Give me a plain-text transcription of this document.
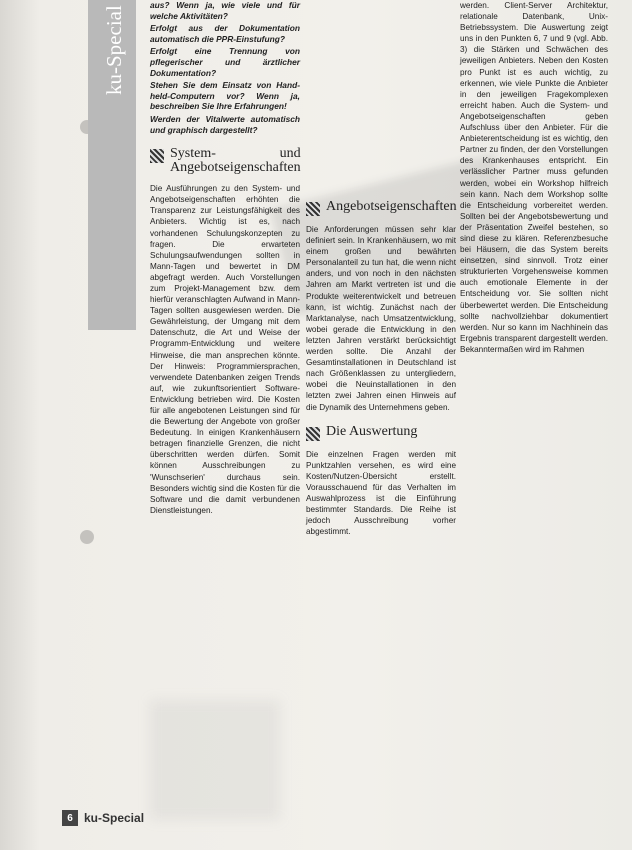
ku-Special

aus? Wenn ja, wie viele und für welche Aktivitäten?

Erfolgt aus der Dokumentation automatisch die PPR-Einstufung?

Erfolgt eine Trennung von pflegerischer und ärztlicher Dokumentation?

Stehen Sie dem Einsatz von Hand-held-Computern vor? Wenn ja, beschreiben Sie Ihre Erfahrungen!

Werden der Vitalwerte automatisch und graphisch dargestellt?

System- und Angebotseigenschaften

Die Ausführungen zu den System- und Angebotseigenschaften erhöhten die Transparenz zur Leistungsfähigkeit des Anbieters. Wichtig ist es, nach vorhandenen Schulungskonzepten zu fragen. Die erwarteten Schulungsaufwendungen sollten in Mann-Tagen und bewertet in DM abgefragt werden. Auch Vorstellungen zum Projekt-Management bzw. dem hierfür veranschlagten Aufwand in Mann-Tagen sollten ausgewiesen werden. Die Gewährleistung, der Umgang mit dem Datenschutz, die Art und Weise der Programm-Entwicklung und weitere Hinweise, die man ansprechen könnte. Der Hinweis: Programmiersprachen, verwendete Datenbanken zeigen Trends auf, wie zukunftsorientiert Software-Entwicklung betrieben wird. Die Kosten für alle angebotenen Leistungen sind für die Bewertung der Angebote von großer Bedeutung. In einigen Krankenhäusern betragen finanzielle Grenzen, die nicht überschritten werden dürfen. Somit können Ausschreibungen zu 'Wunschserien' durchaus sein. Besonders wichtig sind die Kosten für die Software und die damit verbundenen Dienstleistungen.

Angebotseigenschaften

Die Anforderungen müssen sehr klar definiert sein. In Krankenhäusern, wo mit einem großen und bewährten Personalanteil zu tun hat, die wenn nicht anders, und von noch in den nächsten Jahren am Markt vertreten ist und die Produkte weiterentwickelt und betreuen kann, ist wichtig. Zunächst nach der Marktanalyse, nach Umsatzentwicklung, wobei gerade die Entwicklung in den letzten Jahren verstärkt berücksichtigt werden sollte. Die Anzahl der Gesamtinstallationen in Deutschland ist nach Größenklassen zu untergliedern, wobei die Neuinstallationen in den letzten zwei Jahren einen Hinweis auf die Dynamik des Unternehmens geben.

Die Auswertung

Die einzelnen Fragen werden mit Punktzahlen versehen, es wird eine Kosten/Nutzen-Übersicht erstellt. Vorausschauend für das Verhalten im Auswahlprozess ist die Einführung bestimmter Standards. Die Reihe ist jedoch Ausschreibung vorher abgestimmt.

werden. Client-Server Architektur, relationale Datenbank, Unix-Betriebssystem. Die Auswertung zeigt uns in den Punkten 6, 7 und 9 (vgl. Abb. 3) die Stärken und Schwächen des jeweiligen Anbieters. Neben den Kosten pro Punkt ist es auch wichtig, zu erkennen, wie viele Punkte die Anbieter in den jeweiligen Fragekomplexen erreicht haben. Auch die System- und Angebotseigenschaften geben Aufschluss über den Anbieter. Für die Anbieterentscheidung ist es wichtig, den Partner zu finden, der den Vorstellungen des Krankenhauses entspricht. Ein verlässlicher Partner muss gefunden werden, wobei ein Workshop hilfreich sein kann. Nach dem Workshop sollte die Entscheidung vorbereitet werden. Sollten bei der Angebotsbewertung und der Präsentation Zweifel bestehen, so sind diese zu klären. Referenzbesuche bei Häusern, die das System bereits einsetzen, sind sinnvoll. Trotz einer strukturierten Vorgehensweise kommen auch emotionale Elemente in der Entscheidung vor. Sie sollten nicht überbewertet werden. Die Entscheidung sollte nachvollziehbar dokumentiert werden. Nur so kann im Nachhinein das Ergebnis transparent dargestellt werden. Bekanntermaßen wird im Rahmen

6 ku-Special
